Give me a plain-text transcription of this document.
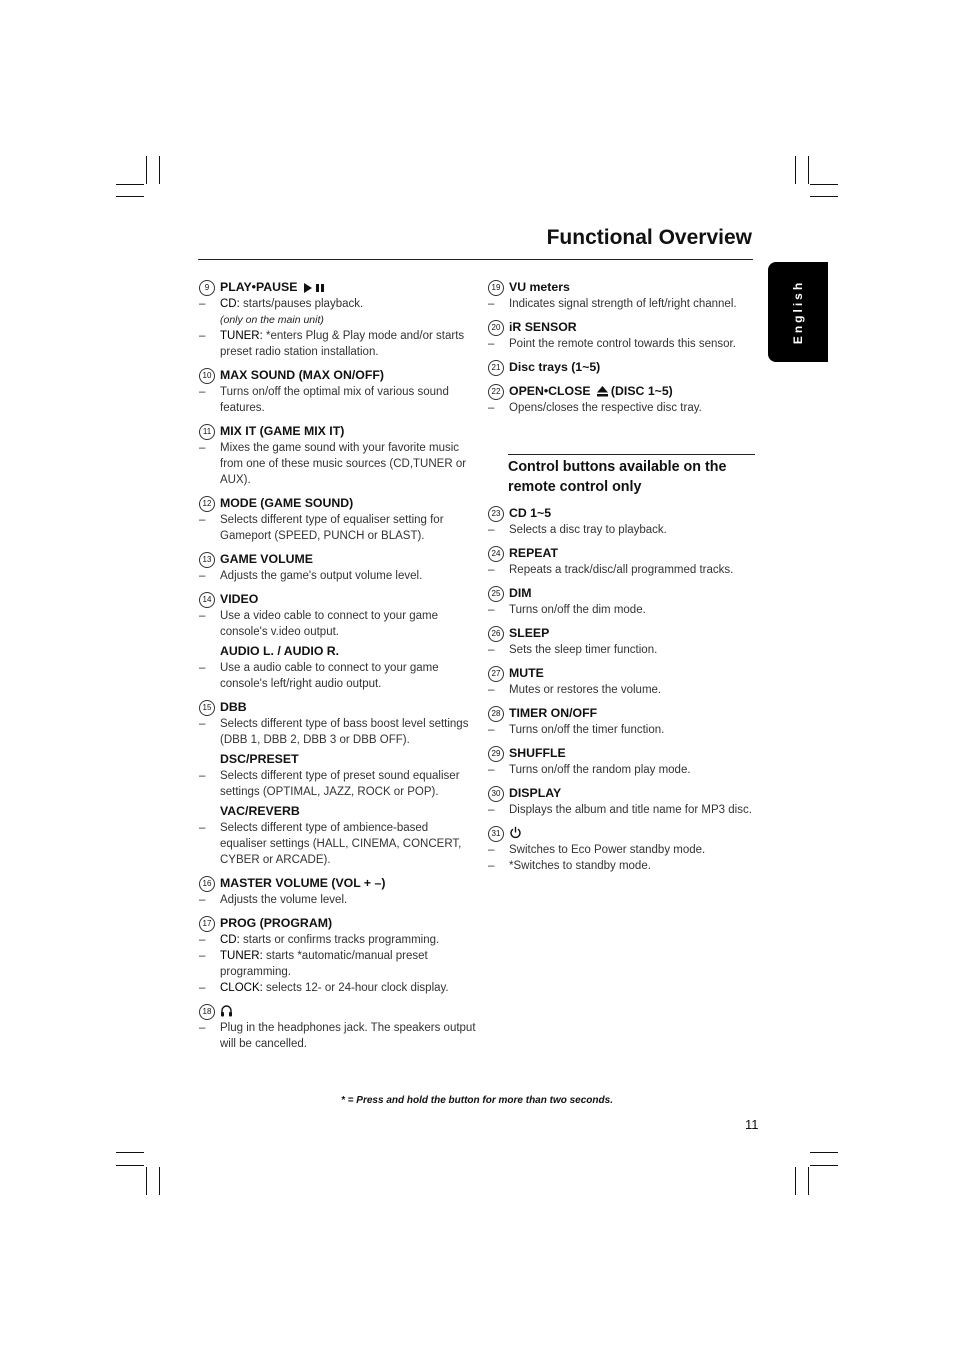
Functional Overview
English
9 PLAY•PAUSE
– CD: starts/pauses playback.
(only on the main unit)
– TUNER: *enters Plug & Play mode and/or starts preset radio station installation.
10 MAX SOUND (MAX ON/OFF)
– Turns on/off the optimal mix of various sound features.
11 MIX IT (GAME MIX IT)
– Mixes the game sound with your favorite music from one of these music sources (CD,TUNER or AUX).
12 MODE (GAME SOUND)
– Selects different type of equaliser setting for Gameport (SPEED, PUNCH or BLAST).
13 GAME VOLUME
– Adjusts the game's output volume level.
14 VIDEO
– Use a video cable to connect to your game console's v.ideo output.
AUDIO L. / AUDIO R.
– Use a audio cable to connect to your game console's left/right audio output.
15 DBB
– Selects different type of bass boost level settings (DBB 1, DBB 2, DBB 3 or DBB OFF).
DSC/PRESET
– Selects different type of preset sound equaliser settings (OPTIMAL, JAZZ, ROCK or POP).
VAC/REVERB
– Selects different type of ambience-based equaliser settings (HALL, CINEMA, CONCERT, CYBER or ARCADE).
16 MASTER VOLUME (VOL + –)
– Adjusts the volume level.
17 PROG (PROGRAM)
– CD: starts or confirms tracks programming.
– TUNER: starts *automatic/manual preset programming.
– CLOCK: selects 12- or 24-hour clock display.
18
– Plug in the headphones jack. The speakers output will be cancelled.
19 VU meters
– Indicates signal strength of left/right channel.
20 iR SENSOR
– Point the remote control towards this sensor.
21 Disc trays (1~5)
22 OPEN•CLOSE (DISC 1~5)
– Opens/closes the respective disc tray.
Control buttons available on the remote control only
23 CD 1~5
– Selects a disc tray to playback.
24 REPEAT
– Repeats a track/disc/all programmed tracks.
25 DIM
– Turns on/off the dim mode.
26 SLEEP
– Sets the sleep timer function.
27 MUTE
– Mutes or restores the volume.
28 TIMER ON/OFF
– Turns on/off the timer function.
29 SHUFFLE
– Turns on/off the random play mode.
30 DISPLAY
– Displays the album and title name for MP3 disc.
31
– Switches to Eco Power standby mode.
– *Switches to standby mode.
* = Press and hold the button for more than two seconds.
11
